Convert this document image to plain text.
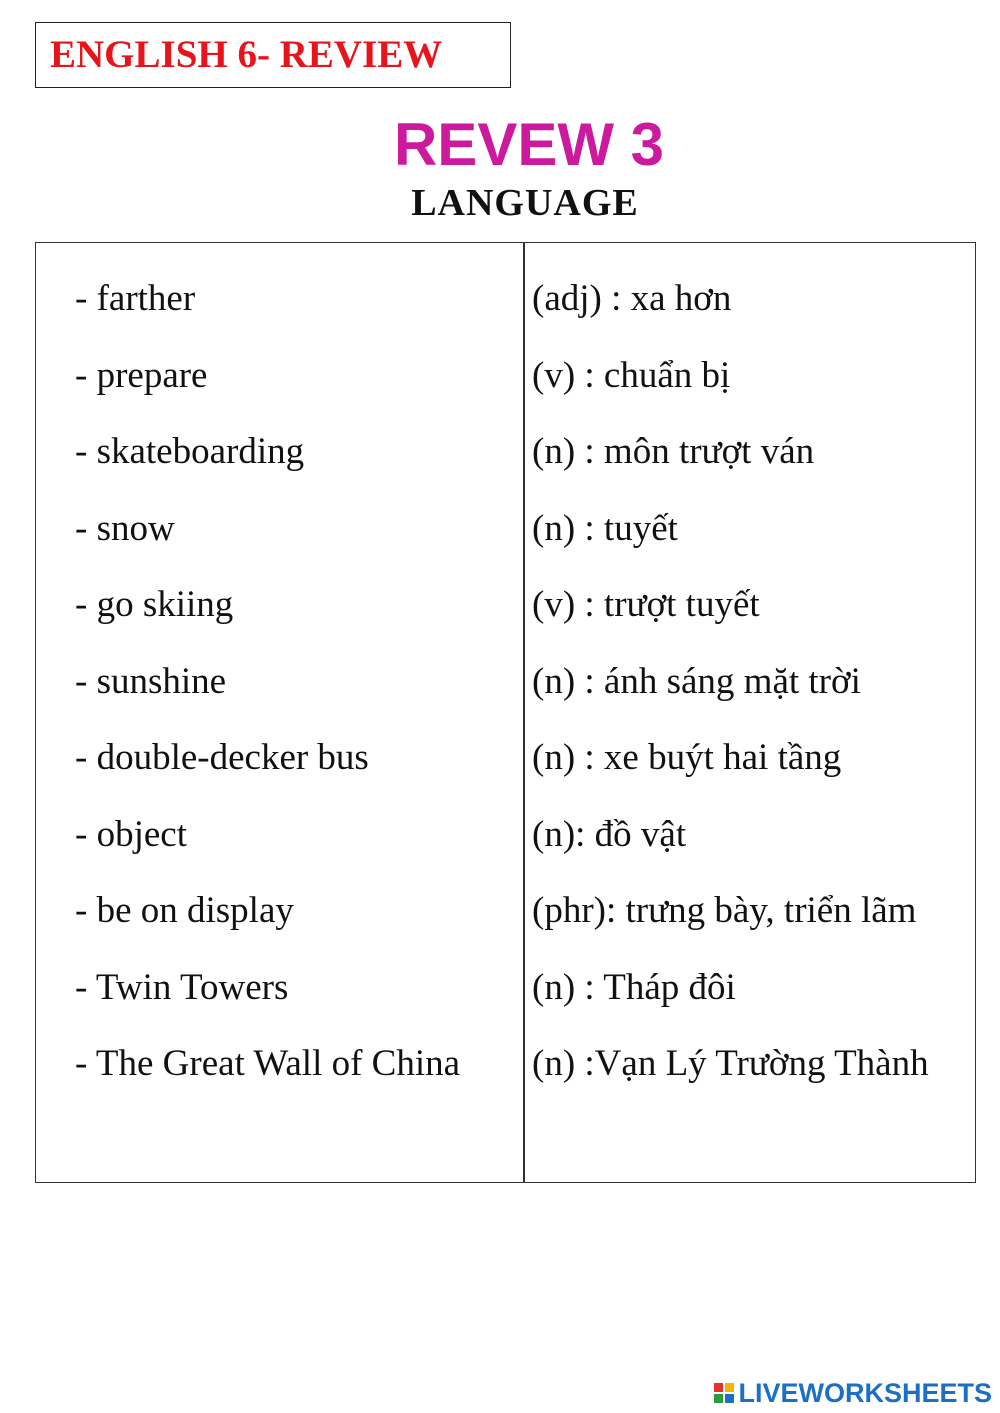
ENGLISH 6- REVIEW
REVEW 3
LANGUAGE
- farther	(adj) : xa hơn
- prepare	(v) : chuẩn bị
- skateboarding	(n) : môn trượt ván
- snow	(n) : tuyết
- go skiing	(v) : trượt tuyết
- sunshine	(n) : ánh sáng mặt trời
- double-decker bus	(n) : xe buýt hai tầng
- object	(n): đồ vật
- be on display	(phr): trưng bày, triển lãm
- Twin Towers	(n) : Tháp đôi
- The Great Wall of China (n) :Vạn Lý Trường Thành
LIVEWORKSHEETS
